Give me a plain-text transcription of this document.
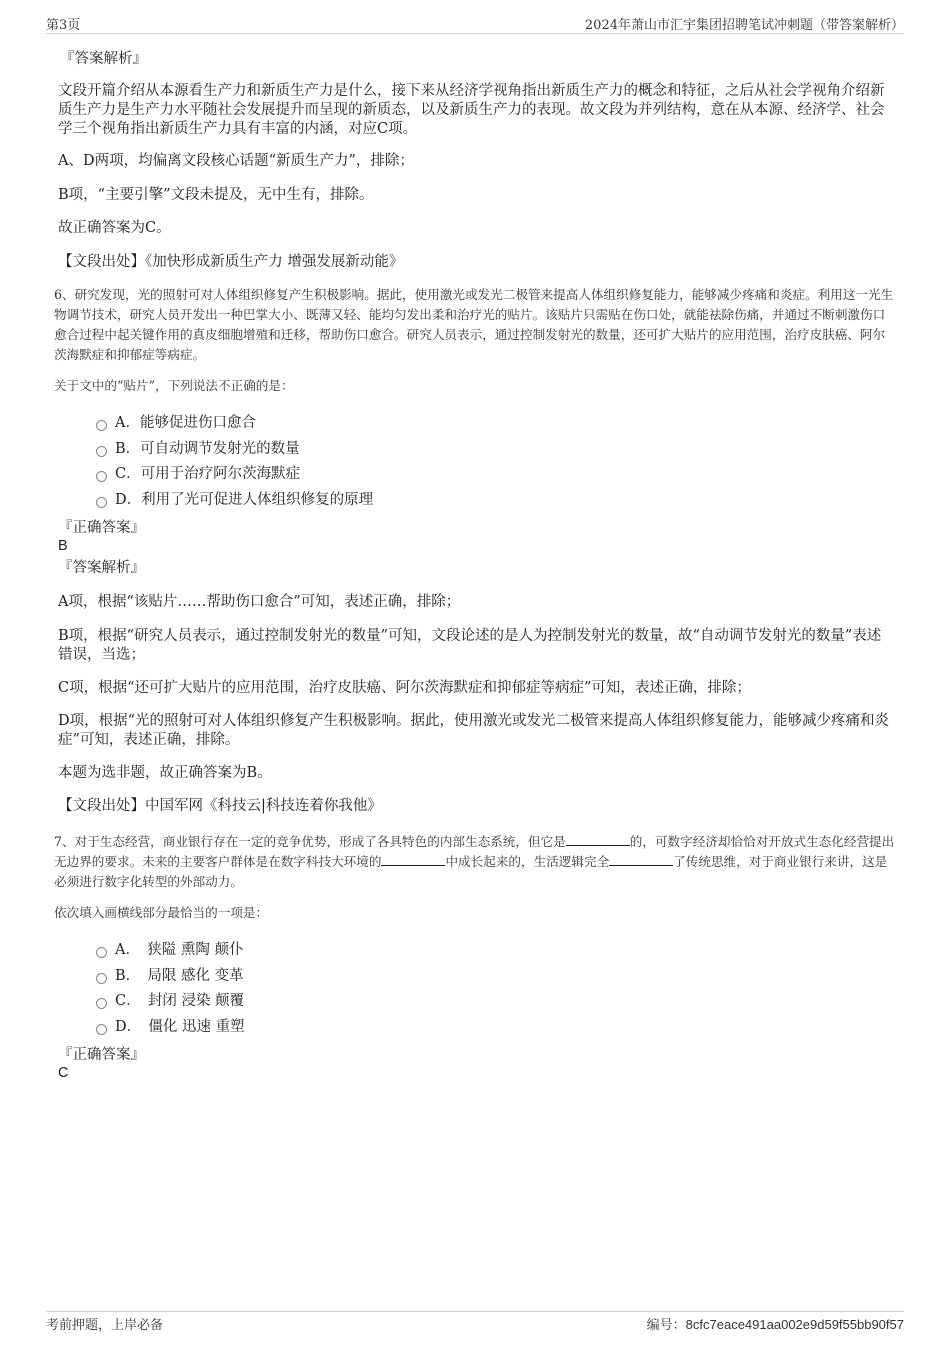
第3页	2024年萧山市汇宇集团招聘笔试冲刺题（带答案解析）

『答案解析』

文段开篇介绍从本源看生产力和新质生产力是什么，接下来从经济学视角指出新质生产力的概念和特征，之后从社会学视角介绍新质生产力是生产力水平随社会发展提升而呈现的新质态，以及新质生产力的表现。故文段为并列结构，意在从本源、经济学、社会学三个视角指出新质生产力具有丰富的内涵，对应C项。

A、D两项，均偏离文段核心话题“新质生产力”，排除；

B项，“主要引擎”文段未提及，无中生有，排除。

故正确答案为C。

【文段出处】《加快形成新质生产力 增强发展新动能》

6、研究发现，光的照射可对人体组织修复产生积极影响。据此，使用激光或发光二极管来提高人体组织修复能力，能够减少疼痛和炎症。利用这一光生物调节技术，研究人员开发出一种巴掌大小、既薄又轻、能均匀发出柔和治疗光的贴片。该贴片只需贴在伤口处，就能祛除伤痛，并通过不断刺激伤口愈合过程中起关键作用的真皮细胞增殖和迁移，帮助伤口愈合。研究人员表示，通过控制发射光的数量，还可扩大贴片的应用范围，治疗皮肤癌、阿尔茨海默症和抑郁症等病症。

关于文中的“贴片”，下列说法不正确的是：

A．能够促进伤口愈合
B．可自动调节发射光的数量
C．可用于治疗阿尔茨海默症
D．利用了光可促进人体组织修复的原理

『正确答案』

B

『答案解析』

A项，根据“该贴片……帮助伤口愈合”可知，表述正确，排除；

B项，根据“研究人员表示，通过控制发射光的数量”可知，文段论述的是人为控制发射光的数量，故“自动调节发射光的数量”表述错误，当选；

C项，根据“还可扩大贴片的应用范围，治疗皮肤癌、阿尔茨海默症和抑郁症等病症”可知，表述正确，排除；

D项，根据“光的照射可对人体组织修复产生积极影响。据此，使用激光或发光二极管来提高人体组织修复能力，能够减少疼痛和炎症”可知，表述正确，排除。

本题为选非题，故正确答案为B。

【文段出处】中国军网《科技云|科技连着你我他》

7、对于生态经营，商业银行存在一定的竞争优势，形成了各具特色的内部生态系统，但它是	的，可数字经济却恰恰对开放式生态化经营提出无边界的要求。未来的主要客户群体是在数字科技大环境的	中成长起来的，生活逻辑完全	了传统思维，对于商业银行来讲，这是必须进行数字化转型的外部动力。

依次填入画横线部分最恰当的一项是：

A．　狭隘 熏陶 颠仆
B．　局限 感化 变革
C．　封闭 浸染 颠覆
D．　僵化 迅速 重塑

『正确答案』

C

考前押题，上岸必备	编号：8cfc7eace491aa002e9d59f55bb90f57
